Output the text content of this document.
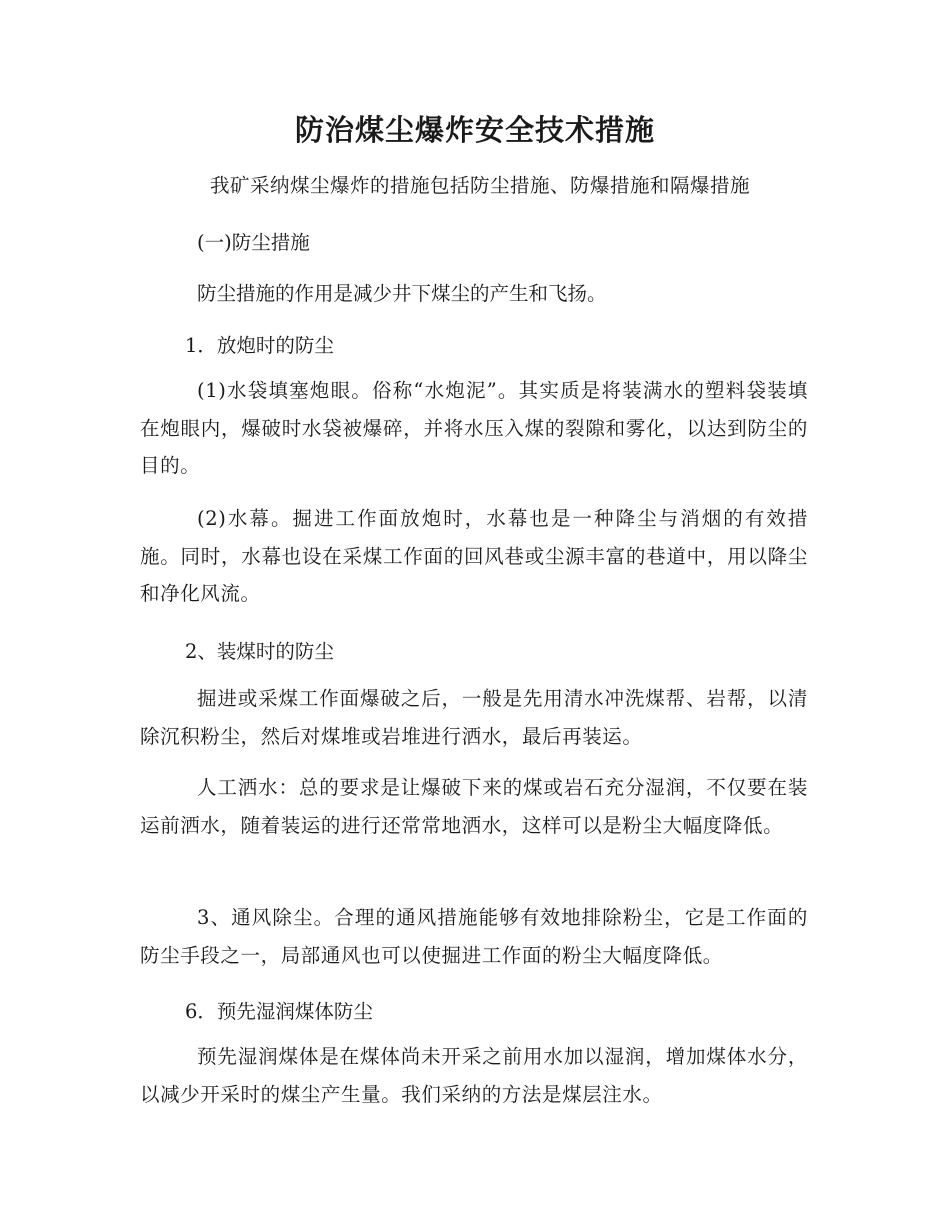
防治煤尘爆炸安全技术措施
我矿采纳煤尘爆炸的措施包括防尘措施、防爆措施和隔爆措施
(一)防尘措施
防尘措施的作用是减少井下煤尘的产生和飞扬。
1．放炮时的防尘

(1)水袋填塞炮眼。俗称“水炮泥”。其实质是将装满水的塑料袋装填在炮眼内，爆破时水袋被爆碎，并将水压入煤的裂隙和雾化，以达到防尘的目的。

(2)水幕。掘进工作面放炮时，水幕也是一种降尘与消烟的有效措施。同时，水幕也设在采煤工作面的回风巷或尘源丰富的巷道中，用以降尘和净化风流。

2、装煤时的防尘

掘进或采煤工作面爆破之后，一般是先用清水冲洗煤帮、岩帮，以清除沉积粉尘，然后对煤堆或岩堆进行洒水，最后再装运。

人工洒水：总的要求是让爆破下来的煤或岩石充分湿润，不仅要在装运前洒水，随着装运的进行还常常地洒水，这样可以是粉尘大幅度降低。

3、通风除尘。合理的通风措施能够有效地排除粉尘，它是工作面的防尘手段之一，局部通风也可以使掘进工作面的粉尘大幅度降低。

6．预先湿润煤体防尘

预先湿润煤体是在煤体尚未开采之前用水加以湿润，增加煤体水分，以减少开采时的煤尘产生量。我们采纳的方法是煤层注水。
